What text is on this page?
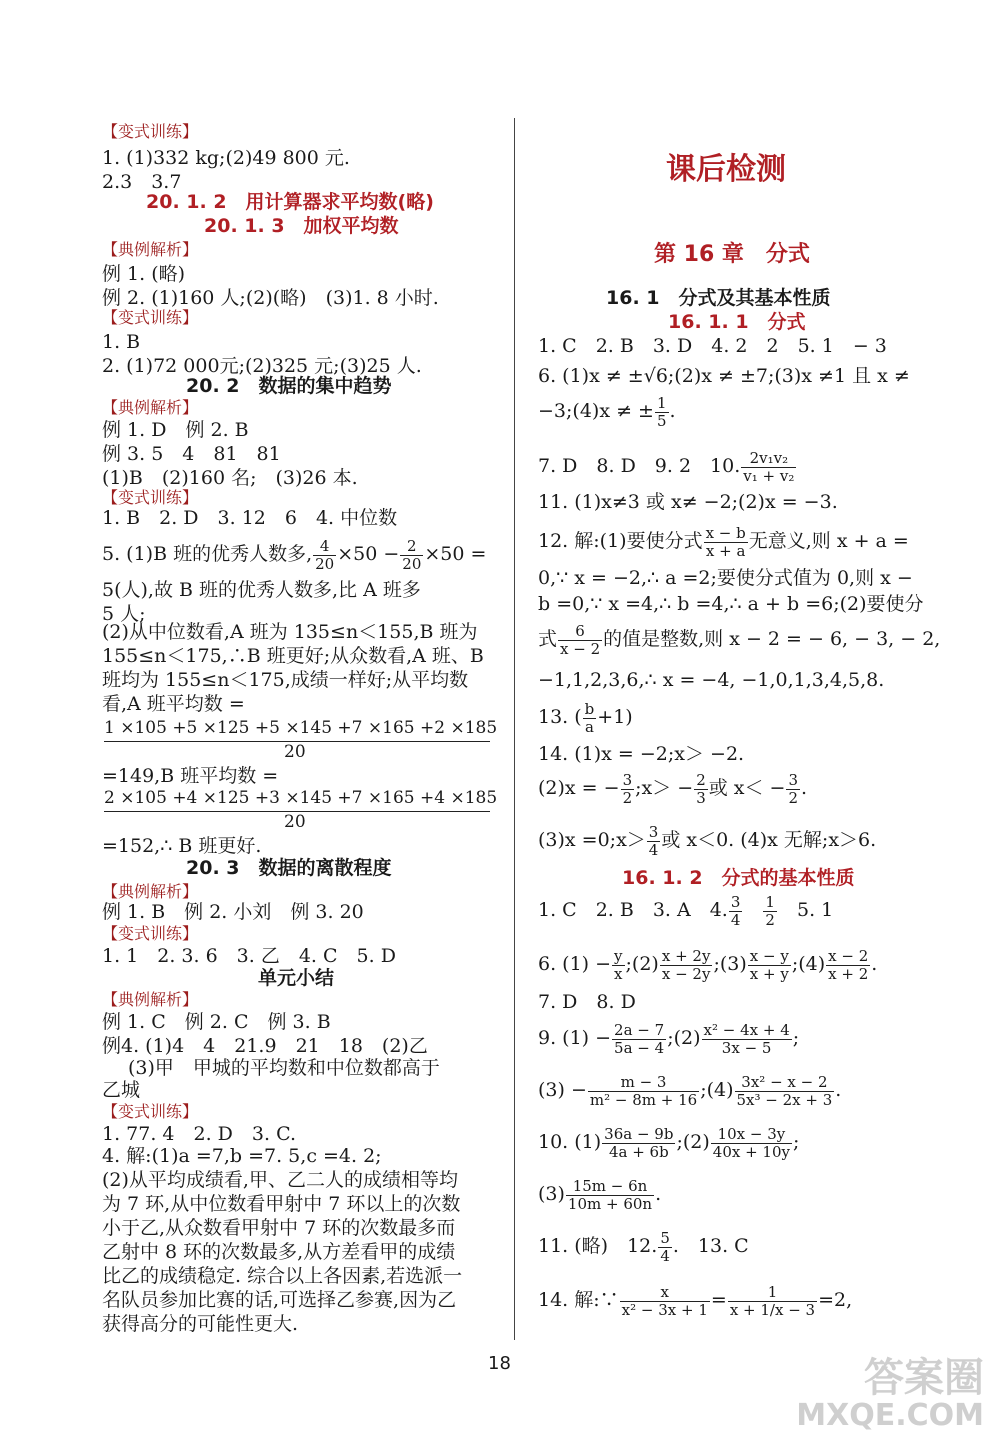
【变式训练】
1. (1)332 kg;(2)49 800 元.
2.3　3.7
20. 1. 2　用计算器求平均数(略)
20. 1. 3　加权平均数
【典例解析】
例 1. (略)
例 2. (1)160 人;(2)(略)　(3)1. 8 小时.
【变式训练】
1. B
2. (1)72 000元;(2)325 元;(3)25 人.
20. 2　数据的集中趋势
【典例解析】
例 1. D　例 2. B
例 3. 5　4　81　81
(1)B　(2)160 名;　(3)26 本.
【变式训练】
1. B　2. D　3. 12　6　4. 中位数
5. (1)B 班的优秀人数多, $\frac{4}{20} \times 50 - \frac{2}{20} \times 50$ =
5(人),故 B 班的优秀人数多,比 A 班多
5 人;
(2)从中位数看,A 班为 135≤n＜155,B 班为
155≤n＜175,∴B 班更好;从众数看,A 班、B
班均为 155≤n＜175,成绩一样好;从平均数
看,A 班平均数 =
1 ×105 +5 ×125 +5 ×145 +7 ×165 +2 ×185
20
=149,B 班平均数 =
2 ×105 +4 ×125 +3 ×145 +7 ×165 +4 ×185
20
=152,∴ B 班更好.
20. 3　数据的离散程度
【典例解析】
例 1. B　例 2. 小刘　例 3. 20
【变式训练】
1. 1　2. 3. 6　3. 乙　4. C　5. D
单元小结
【典例解析】
例 1. C　例 2. C　例 3. B
例4. (1)4　4　21.9　21　18　(2)乙
(3)甲　甲城的平均数和中位数都高于
乙城
【变式训练】
1. 77. 4　2. D　3. C.
4. 解:(1)a =7,b =7. 5,c =4. 2;
(2)从平均成绩看,甲、乙二人的成绩相等均
为 7 环,从中位数看甲射中 7 环以上的次数
小于乙,从众数看甲射中 7 环的次数最多而
乙射中 8 环的次数最多,从方差看甲的成绩
比乙的成绩稳定. 综合以上各因素,若选派一
名队员参加比赛的话,可选择乙参赛,因为乙
获得高分的可能性更大.
课后检测
第 16 章　分式
16. 1　分式及其基本性质
16. 1. 1　分式
1. C　2. B　3. D　4. 2　2　5. 1　− 3
6. (1)x ≠ ±√6;(2)x ≠ ±7;(3)x ≠1 且 x ≠
−3;(4)x ≠ ± $\frac{1}{5}$ .
7. D　8. D　9. 2　10. $\frac{\text{2v₁v₂}}{\text{v₁ + v₂}}$
11. (1)x≠3 或 x≠ −2;(2)x = −3.
12. 解:(1)要使分式 $\frac{x - b}{x + a}$ 无意义,则 x + a =
0,∵ x = −2,∴ a =2;要使分式值为 0,则 x −
b =0,∵ x =4,∴ b =4,∴ a + b =6;(2)要使分
式 $\frac{6}{x - 2}$ 的值是整数,则 x − 2 = − 6, − 3, − 2,
−1,1,2,3,6,∴ x = −4, −1,0,1,3,4,5,8.
13. ( $\frac{b}{a} +1$)
14. (1)x = −2;x＞ −2.
(2)x = − $\frac{3}{2}$ ;x＞ − $\frac{2}{3}$ 或 $x< - \frac{3}{2}$ .
(3)x =0;x＞ $\frac{3}{4}$ 或 x＜0. (4)x 无解;x＞6.
16. 1. 2　分式的基本性质
1. C　2. B　3. A　4. $\frac{3}{4}$
　 $\frac{1}{2}$
　 5. 1
6. $(1) - \frac{y}{x}$ ;(2) $\frac{x + 2y}{x - 2y}$ ;(3) $\frac{x - y}{x + y}$ ;(4) $\frac{x - 2}{x + 2}$ .
7. D　8. D
9. $(1) - \frac{2a - 7}{5a - 4}$ ;(2) $\frac{\text{x² − 4x + 4}}{3x - 5}$ ;
$(3) - \frac{m - 3}{\text{m² − 8m + 16}}$ ;(4) $\frac{\text{3x² − x − 2}}{\text{5x³ − 2x + 3}}$ .
10. $(1) \frac{36a - 9b}{4a + 6b}$ ;(2) $\frac{10x - 3y}{40x + 10y}$ ;
$(3) \frac{15m - 6n}{10m + 60n}$ .
11. (略)　12. $\frac{5}{4}$ .　13. C
14. 解:∵ $\frac{x}{\text{x² − 3x + 1}} = \frac{1}{x + 1/x - 3} =2$,
18	答案圈
MXQE.COM
